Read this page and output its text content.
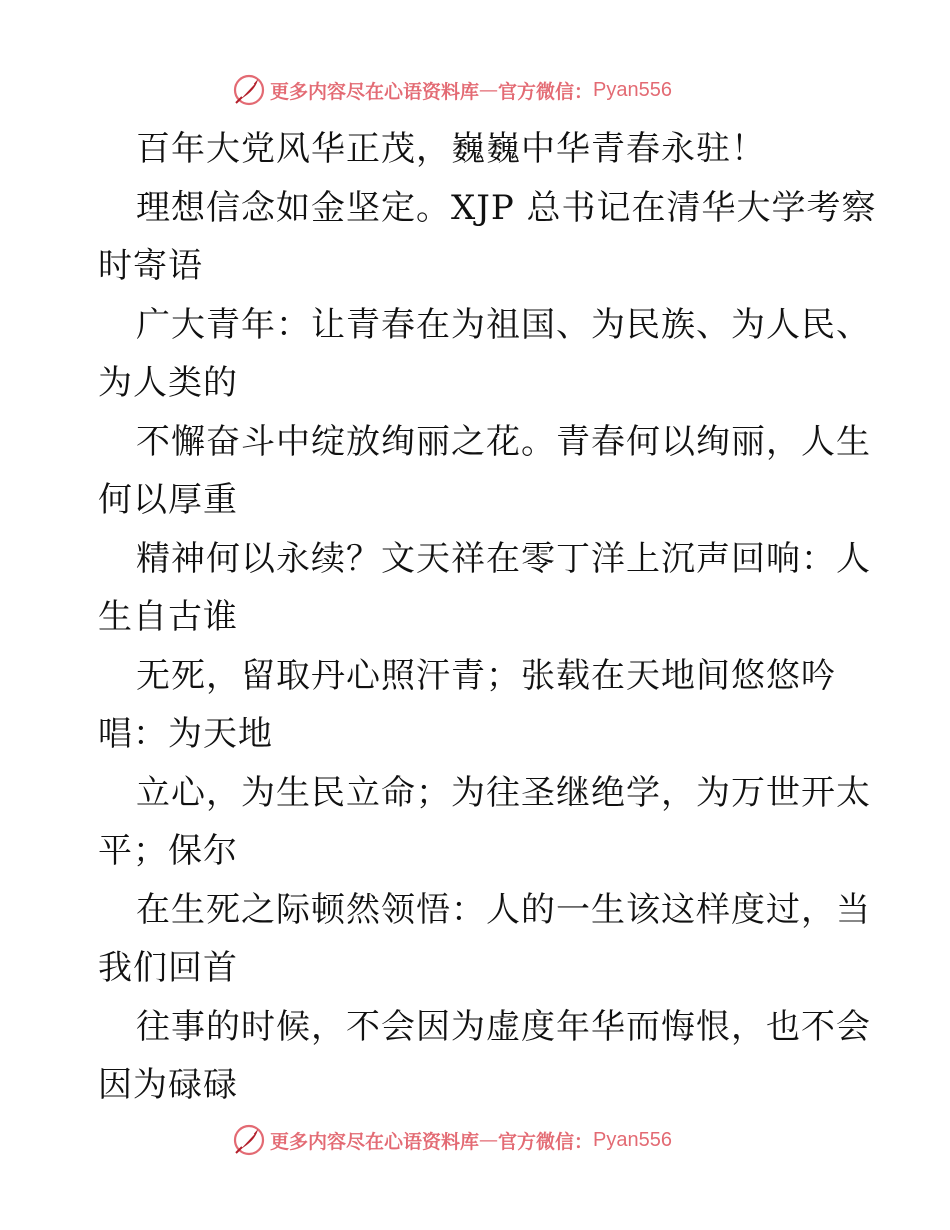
更多内容尽在心语资料库 — 官方微信： Pyan556
百年大党风华正茂，巍巍中华青春永驻！
理想信念如金坚定。XJP 总书记在清华大学考察
时寄语
广大青年：让青春在为祖国、为民族、为人民、
为人类的
不懈奋斗中绽放绚丽之花。青春何以绚丽，人生
何以厚重
精神何以永续？文天祥在零丁洋上沉声回响：人
生自古谁
无死，留取丹心照汗青；张载在天地间悠悠吟
唱：为天地
立心，为生民立命；为往圣继绝学，为万世开太
平；保尔
在生死之际顿然领悟：人的一生该这样度过，当
我们回首
往事的时候，不会因为虚度年华而悔恨，也不会
因为碌碌
更多内容尽在心语资料库 — 官方微信： Pyan556
